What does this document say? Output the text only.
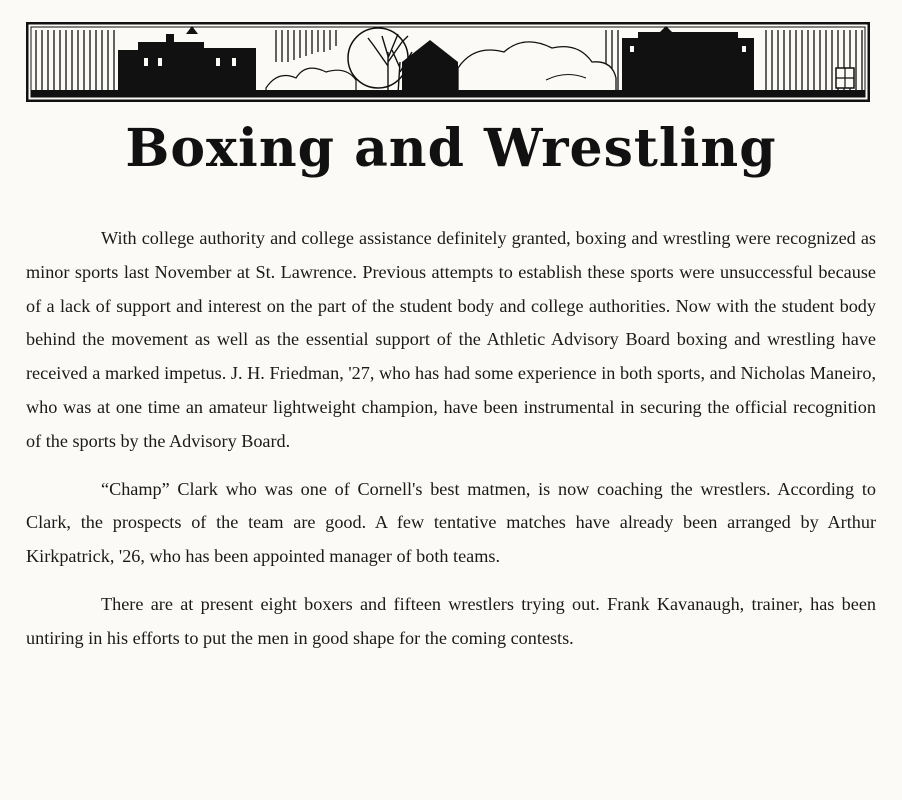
Boxing and Wrestling

With college authority and college assistance definitely granted, boxing and wrestling were recognized as minor sports last November at St. Lawrence. Previous attempts to establish these sports were unsuccessful because of a lack of support and interest on the part of the student body and college authorities. Now with the student body behind the movement as well as the essential support of the Athletic Advisory Board boxing and wrestling have received a marked impetus. J. H. Friedman, '27, who has had some experience in both sports, and Nicholas Maneiro, who was at one time an amateur lightweight champion, have been instrumental in securing the official recognition of the sports by the Advisory Board.

“Champ” Clark who was one of Cornell's best matmen, is now coaching the wrestlers. According to Clark, the prospects of the team are good. A few tentative matches have already been arranged by Arthur Kirkpatrick, '26, who has been appointed manager of both teams.

There are at present eight boxers and fifteen wrestlers trying out. Frank Kavanaugh, trainer, has been untiring in his efforts to put the men in good shape for the coming contests.
